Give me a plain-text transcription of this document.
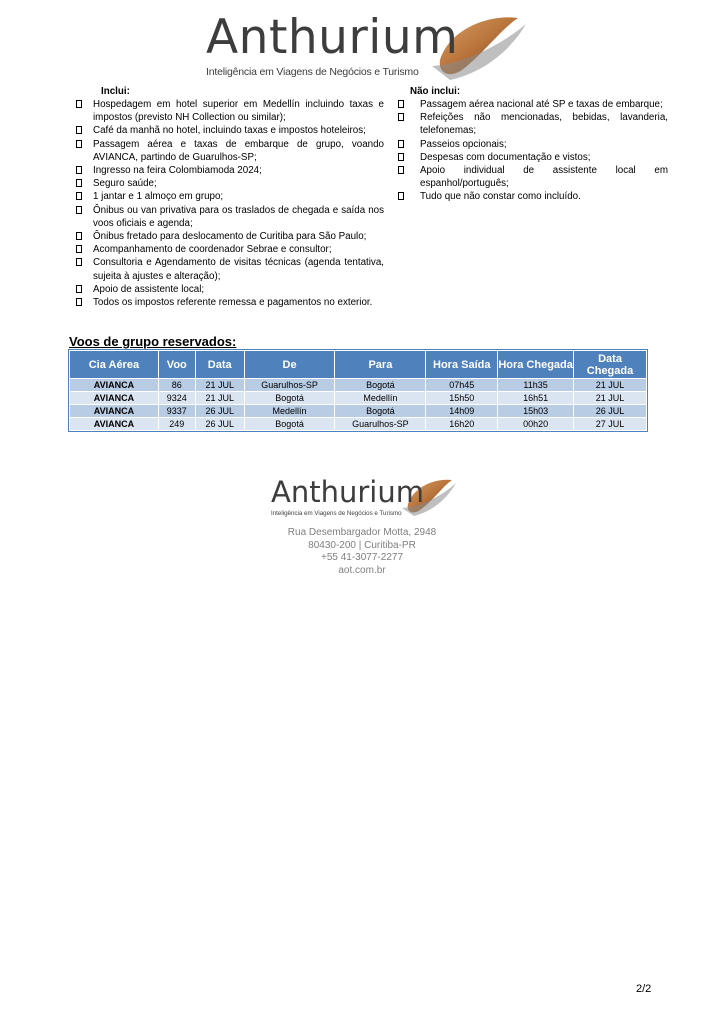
Anthurium
Inteligência em Viagens de Negócios e Turismo
Inclui:
Hospedagem em hotel superior em Medellín incluindo taxas e impostos (previsto NH Collection ou similar);
Café da manhã no hotel, incluindo taxas e impostos hoteleiros;
Passagem aérea e taxas de embarque de grupo, voando AVIANCA, partindo de Guarulhos-SP;
Ingresso na feira Colombiamoda 2024;
Seguro saúde;
1 jantar e 1 almoço em grupo;
Ônibus ou van privativa para os traslados de chegada e saída nos voos oficiais e agenda;
Ônibus fretado para deslocamento de Curitiba para São Paulo;
Acompanhamento de coordenador Sebrae e consultor;
Consultoria e Agendamento de visitas técnicas (agenda tentativa, sujeita à ajustes e alteração);
Apoio de assistente local;
Todos os impostos referente remessa e pagamentos no exterior.
Não inclui:
Passagem aérea nacional até SP e taxas de embarque;
Refeições não mencionadas, bebidas, lavanderia, telefonemas;
Passeios opcionais;
Despesas com documentação e vistos;
Apoio individual de assistente local em espanhol/português;
Tudo que não constar como incluído.
Voos de grupo reservados:
Cia Aérea	Voo	Data	De	Para	Hora Saída	Hora Chegada	Data Chegada
AVIANCA	86	21 JUL	Guarulhos-SP	Bogotá	07h45	11h35	21 JUL
AVIANCA	9324	21 JUL	Bogotá	Medellín	15h50	16h51	21 JUL
AVIANCA	9337	26 JUL	Medellín	Bogotá	14h09	15h03	26 JUL
AVIANCA	249	26 JUL	Bogotá	Guarulhos-SP	16h20	00h20	27 JUL
Anthurium
Inteligência em Viagens de Negócios e Turismo
Rua Desembargador Motta, 2948
80430-200 | Curitiba-PR
+55 41-3077-2277
aot.com.br
2/2
